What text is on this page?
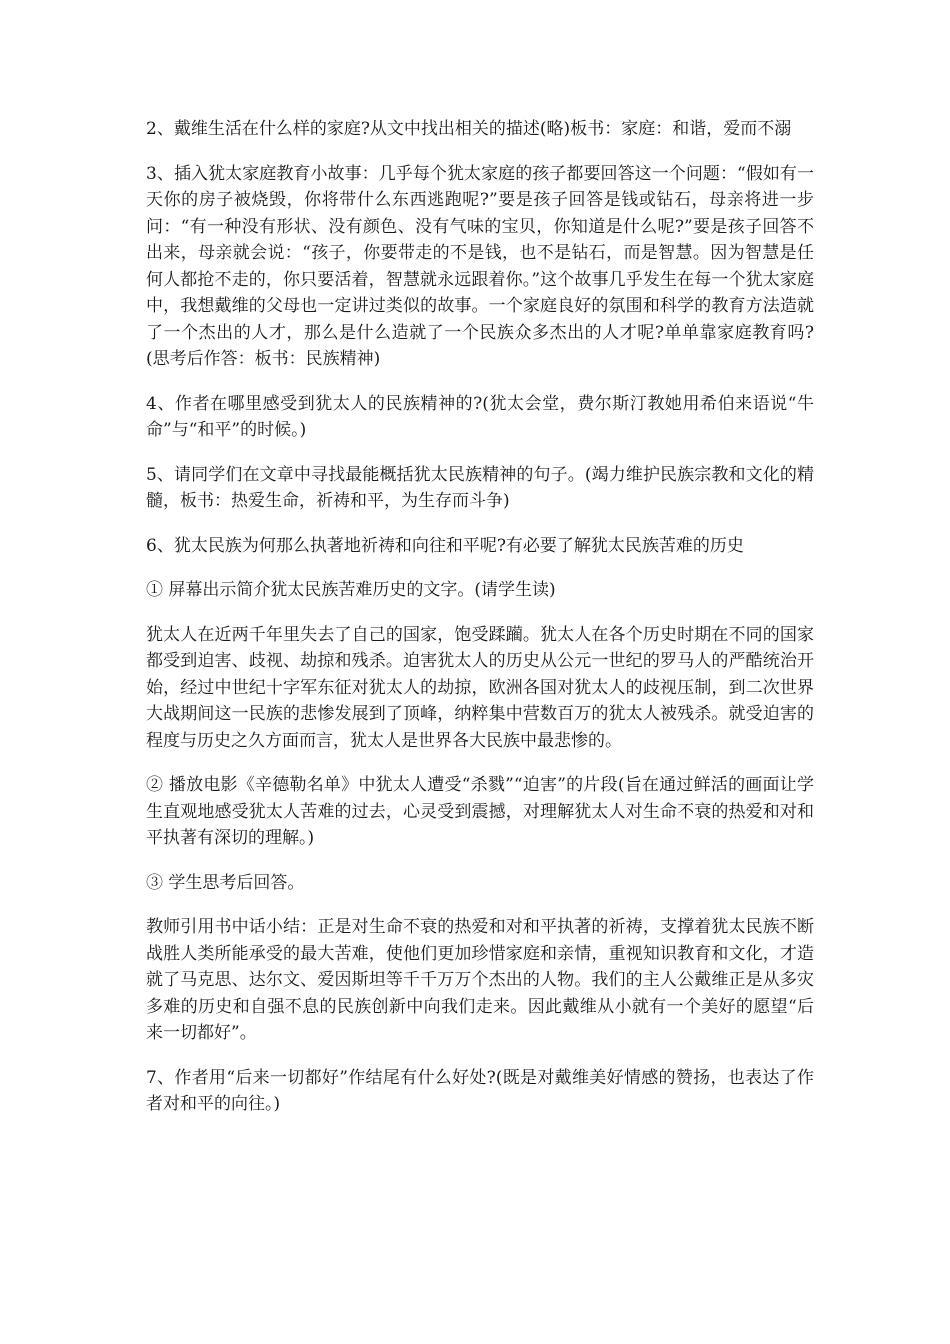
2、戴维生活在什么样的家庭?从文中找出相关的描述(略)板书：家庭：和谐，爱而不溺

3、插入犹太家庭教育小故事：几乎每个犹太家庭的孩子都要回答这一个问题：“假如有一天你的房子被烧毁，你将带什么东西逃跑呢?”要是孩子回答是钱或钻石，母亲将进一步问：“有一种没有形状、没有颜色、没有气味的宝贝，你知道是什么呢?”要是孩子回答不出来，母亲就会说：“孩子，你要带走的不是钱，也不是钻石，而是智慧。因为智慧是任何人都抢不走的，你只要活着，智慧就永远跟着你。”这个故事几乎发生在每一个犹太家庭中，我想戴维的父母也一定讲过类似的故事。一个家庭良好的氛围和科学的教育方法造就了一个杰出的人才，那么是什么造就了一个民族众多杰出的人才呢?单单靠家庭教育吗?(思考后作答：板书：民族精神)

4、作者在哪里感受到犹太人的民族精神的?(犹太会堂，费尔斯汀教她用希伯来语说“牛命”与“和平”的时候。)

5、请同学们在文章中寻找最能概括犹太民族精神的句子。(竭力维护民族宗教和文化的精髓，板书：热爱生命，祈祷和平，为生存而斗争)

6、犹太民族为何那么执著地祈祷和向往和平呢?有必要了解犹太民族苦难的历史

① 屏幕出示简介犹太民族苦难历史的文字。(请学生读)

犹太人在近两千年里失去了自己的国家，饱受蹂躏。犹太人在各个历史时期在不同的国家都受到迫害、歧视、劫掠和残杀。迫害犹太人的历史从公元一世纪的罗马人的严酷统治开始，经过中世纪十字军东征对犹太人的劫掠，欧洲各国对犹太人的歧视压制，到二次世界大战期间这一民族的悲惨发展到了顶峰，纳粹集中营数百万的犹太人被残杀。就受迫害的程度与历史之久方面而言，犹太人是世界各大民族中最悲惨的。

② 播放电影《辛德勒名单》中犹太人遭受“杀戮”“迫害”的片段(旨在通过鲜活的画面让学生直观地感受犹太人苦难的过去，心灵受到震撼，对理解犹太人对生命不衰的热爱和对和平执著有深切的理解。)

③ 学生思考后回答。

教师引用书中话小结：正是对生命不衰的热爱和对和平执著的祈祷，支撑着犹太民族不断战胜人类所能承受的最大苦难，使他们更加珍惜家庭和亲情，重视知识教育和文化，才造就了马克思、达尔文、爱因斯坦等千千万万个杰出的人物。我们的主人公戴维正是从多灾多难的历史和自强不息的民族创新中向我们走来。因此戴维从小就有一个美好的愿望“后来一切都好”。

7、作者用“后来一切都好”作结尾有什么好处?(既是对戴维美好情感的赞扬，也表达了作者对和平的向往。)
